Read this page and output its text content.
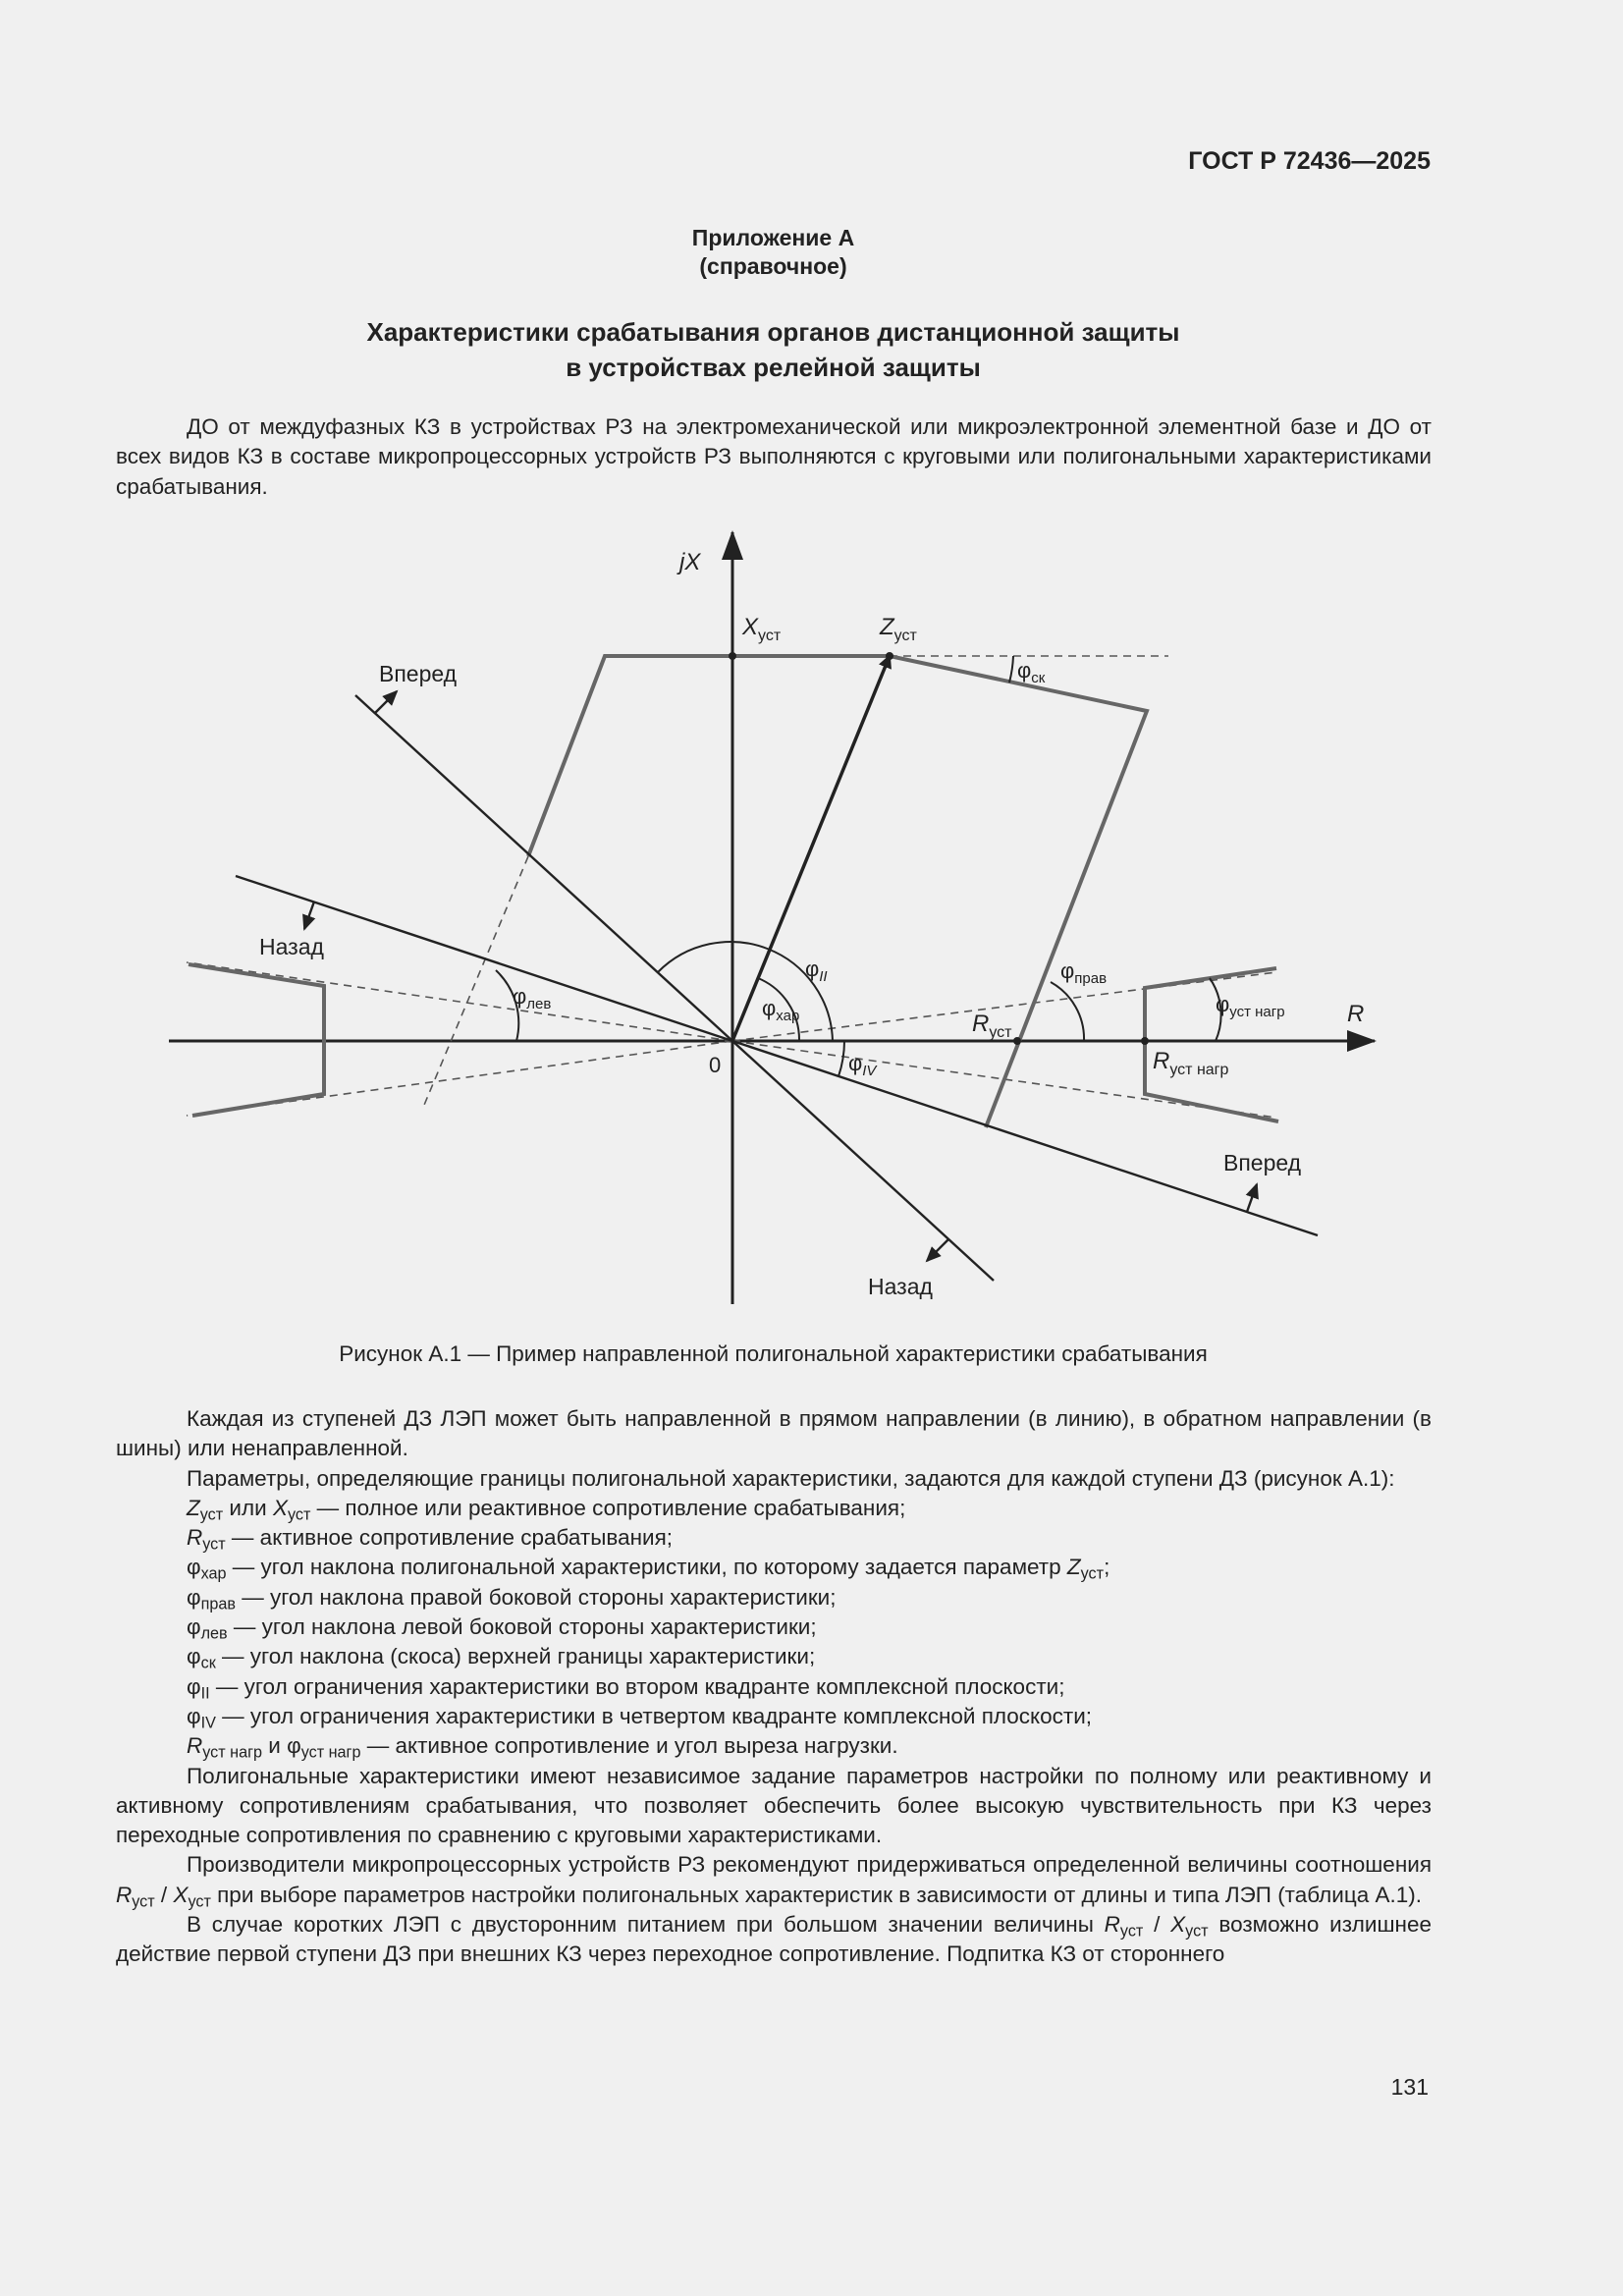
ГОСТ Р 72436—2025
Приложение А
(справочное)
Характеристики срабатывания органов дистанционной защиты
в устройствах релейной защиты

ДО от междуфазных КЗ в устройствах РЗ на электромеханической или микроэлектронной элементной базе и ДО от всех видов КЗ в составе микропроцессорных устройств РЗ выполняются с круговыми или полигональными характеристиками срабатывания.

jX
R
0
$X_{уст}$	$Z_{уст}$
$R_{уст}$
$R_{уст нагр}$
$\varphi_{ск}$
$\varphi_{II}$
$\varphi_{хар}$
$\varphi_{IV}$
$\varphi_{лев}$
$\varphi_{прав}$
$\varphi_{уст нагр}$
Вперед
Назад
Вперед
Назад
Рисунок А.1 — Пример направленной полигональной характеристики срабатывания

Каждая из ступеней ДЗ ЛЭП может быть направленной в прямом направлении (в линию), в обратном направлении (в шины) или ненаправленной.

Параметры, определяющие границы полигональной характеристики, задаются для каждой ступени ДЗ (рисунок А.1):

$Z_{уст}$ или $X_{уст}$ — полное или реактивное сопротивление срабатывания;

$R_{уст}$ — активное сопротивление срабатывания;

$\varphi_{хар}$ — угол наклона полигональной характеристики, по которому задается параметр $Z_{уст}$;

$\varphi_{прав}$ — угол наклона правой боковой стороны характеристики;

$\varphi_{лев}$ — угол наклона левой боковой стороны характеристики;

$\varphi_{ск}$ — угол наклона (скоса) верхней границы характеристики;

$\varphi_{II}$ — угол ограничения характеристики во втором квадранте комплексной плоскости;

$\varphi_{IV}$ — угол ограничения характеристики в четвертом квадранте комплексной плоскости;

$R_{уст нагр}$ и $\varphi_{уст нагр}$ — активное сопротивление и угол выреза нагрузки.

Полигональные характеристики имеют независимое задание параметров настройки по полному или реактивному и активному сопротивлениям срабатывания, что позволяет обеспечить более высокую чувствительность при КЗ через переходные сопротивления по сравнению с круговыми характеристиками.

Производители микропроцессорных устройств РЗ рекомендуют придерживаться определенной величины соотношения $R_{уст} / X_{уст}$ при выборе параметров настройки полигональных характеристик в зависимости от длины и типа ЛЭП (таблица А.1).

В случае коротких ЛЭП с двусторонним питанием при большом значении величины $R_{уст} / X_{уст}$ возможно излишнее действие первой ступени ДЗ при внешних КЗ через переходное сопротивление. Подпитка КЗ от стороннего

131
